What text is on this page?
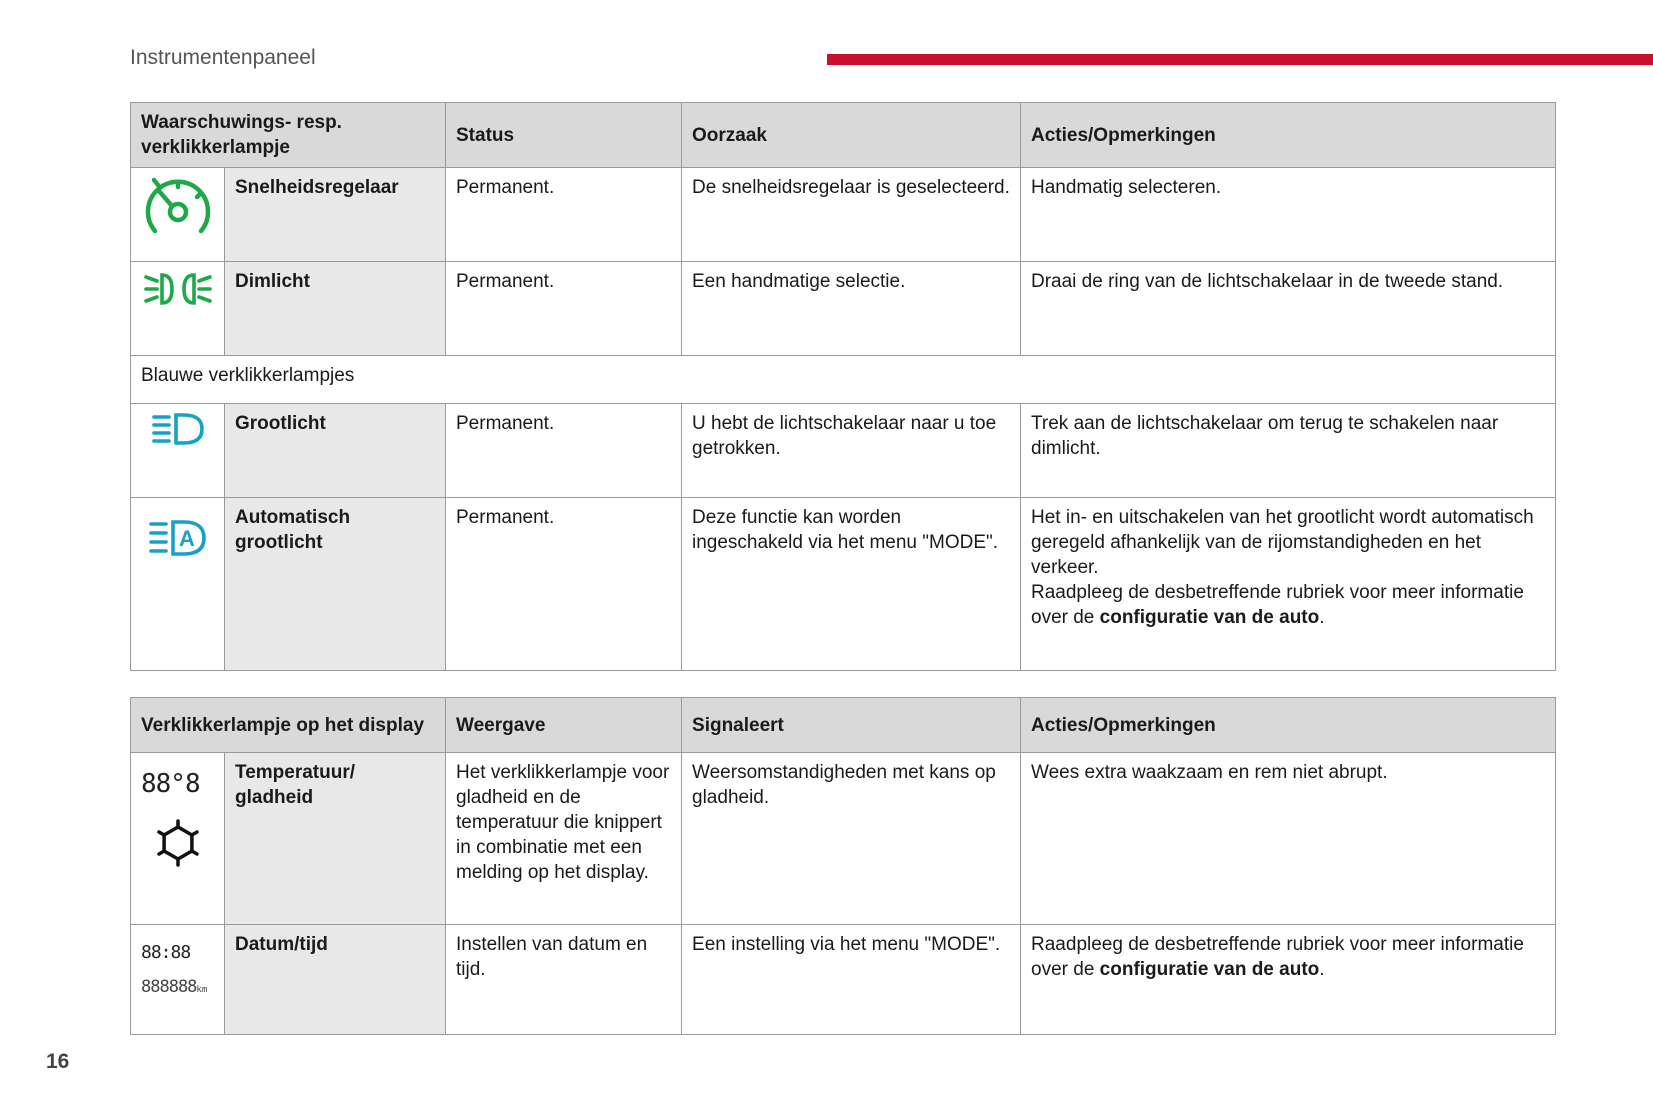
Instrumentenpaneel
Waarschuwings- resp. verklikkerlampje		Status	Oorzaak	Acties/Opmerkingen

	Snelheidsregelaar	Permanent.	De snelheidsregelaar is geselecteerd.	Handmatig selecteren.

	Dimlicht	Permanent.	Een handmatige selectie.	Draai de ring van de lichtschakelaar in de tweede stand.
Blauwe verklikkerlampjes				

	Grootlicht	Permanent.	U hebt de lichtschakelaar naar u toe getrokken.	Trek aan de lichtschakelaar om terug te schakelen naar dimlicht.

A	Automatisch grootlicht	Permanent.	Deze functie kan worden ingeschakeld via het menu "MODE".	Het in- en uitschakelen van het grootlicht wordt automatisch geregeld afhankelijk van de rijomstandigheden en het verkeer.
Raadpleeg de desbetreffende rubriek voor meer informatie over de configuratie van de auto.
Verklikkerlampje op het display		Weergave	Signaleert	Acties/Opmerkingen

88°8	Temperatuur/ gladheid	Het verklikkerlampje voor gladheid en de temperatuur die knippert in combinatie met een melding op het display.	Weersomstandigheden met kans op gladheid.	Wees extra waakzaam en rem niet abrupt.

88:88
888888km	Datum/tijd	Instellen van datum en tijd.	Een instelling via het menu "MODE".	Raadpleeg de desbetreffende rubriek voor meer informatie over de configuratie van de auto.
16
